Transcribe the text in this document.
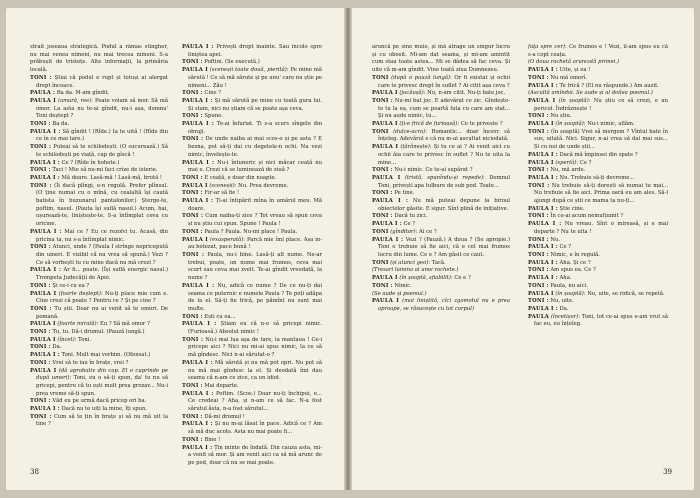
strait joseaua strategică. Podul a rămas stingher, nu mai venea nimeni, nu mai trecea nimeni. S-a prăbușit de tristețe. Alte informații, la primăria locală.

TONI : Știai că podul e rupt și totuși ai alergat drept încoace.

PAULA : Ba da. M-am gîndit.

PAULA I (amară, ree): Poate voiam să mor. Să mă omor. La asta nu te-ai gîndit, nu-i așa, domnu' Toni deștept ?

TONI : Ba da.

PAULA I : Să gîndit ! (Rîde.) Ia te uită ! (Rîde din ce în ce mai tare.)

TONI : Puteai să te schilodești. (O sucurează.) Să te schilodești pe viață, cap de gîscă !

PAULA I : Ce ? (Rîde în hohote.)

TONI : Taci ! Mie să nu-mi faci crize de isterie.

PAULA I : Mă doare. Lasă-mă ! Lasă-mă, brută !

TONI : (Îi dacă plîngi, e-n regulă. Prefer plînsul. (O ține numai cu o mînă, cu cealaltă își caută batista în buzunarul pantalonilor.) Șterge-te, poftim, nasul. (Pauta își suflă nasul.) Acum, hai, ușurează-te, liniștește-te. S-a întîmplat ceva cu oricine.

PAULA I : Mai ce ? Eu ce rezolvi tu. Acasă, din pricina ta, nu s-a întîmplat nimic.

TONI : Atunci, unde ? (Paula I strînge nepricepută din umeri. E vizibil că nu vrea să spună.) Vezi ? Ce să vorbești tu cu mine dacă nu mă crezi ?

PAULA I : Ar fi... poate. (Își suflă energic nasul.) Trompeta Judecății de Apoi.

TONI : Și ce-i cu ea ?

PAULA I (foarte deștept): Nu-ți place mie cum e. Cine crezi că poate ? Pentru ce ? Și pe cine ?

TONI : Tu știi. Doar nu ai venit să te omori. De pomană.

PAULA I (foarte mirată): Eu ? Să mă omor ?

TONI : Tu, tu. Dă-i drumul. (Pauză lungă.)

PAULA I (încet): Toni.

TONI : Da.

PAULA I : Toni. Mult mai vorbim. (Ofensat.)

TONI : Vrei să te iau în brațe, vrei ?

PAULA I (dă aprobativ din cap. El o cuprinde pe după umeri): Toni, eu o să-ți spun, da' tu nu să pricepi, pentru că tu ești mult prea grozav... Nu-i prea vreme să-ți spun.

TONI : Văd eu pe urmă dacă pricep ori ba.

PAULA I : Dacă nu te uiți la mine, îți spun.

TONI : Cum să te țin în brațe și să nu mă uit la tine ?

PAULA I : Privești drept înainte. Sau încolo spre liniștea apei.

TONI : Poftim. (Se execută.)

PAULA I (sceneșii toate două, pierită): Pe mine mă sărută ! Ce să mă sărute și pe unu' care nu știe pe nimeni... Zău !

TONI : Cine ?

PAULA I : Și mă sărută pe mine cu toată gura lui. Și stam, nici nu știam că se poate așa ceva.

TONI : Spune.

PAULA I : Te-ai înfuriat. Ți s-a scurs sîngele din obraji.

TONI : De unde naiba ai mai scos-o și pe asta ? E bezna, pot să-ți dai cu degetele-n ochi. Nu vezi nimic, învelește-te.

PAULA I : Nu-i întuneric și nici măcar ceață nu mai e. Crezi că se luminează de ziuă ?

TONI : E ceață, e doar din noapte.

PAULA I (sceneșii): Nu. Prea devreme.

TONI : Fir-ar să fie !

PAULA I : Ți-ai întipărit mîna în umărul meu. Mă doare.

TONI : Cum naiba-ți zice ? Tot vreau să spun ceva și nu știu cui spun. Spune ! Paula !

TONI : Paula ? Paula. Nu-mi place ! Paula.

PAULA I (exasperată): Parcă mie îmi place. Asa m-au botezat, pace bună !

TONI : Paula, nu-i bine. Lasă-ți alt nume. Ne-ar trebui, poate, un nume mai frumos, ceva mai scurt sau ceva mai zvelt. Te-ai gîndit vreodată, la nume ?

PAULA I : Nu, adică ce nume ? De ce nu-ți dai seama ce puternic e numele Paula ? Te poți adăpa de la el. Să-ți fie frică, pe pămînt nu sunt mai multe.

TONI : Ești cu ea...

PAULA I : Știam eu că n-o să pricepi nimic. (Furioasă.) Absolut nimic !

TONI : Nu-i mai lua așa de tare, la mantaua ! Ce-i pricepe aici ? Nici nu mi-ai spus nimic, la ce să mă gîndesc. Nici n-ai sărutat-o ?

PAULA I : Mă sărută și nu mă pot opri. Nu pot să nu mă mai gîndesc la el. Și deodată îmi dau seama că n-am ce zice, ca un idiot.

TONI : Mai departe.

PAULA I : Poftim. (Scos.) Doar nu-ți închipui, e... Ce credeai ? Aha, și n-am ce să fac. N-a fost sărutul ăsta, n-a fost sărutul...

TONI : Dă-mi drumul !

PAULA I : Și nu m-ai lăsat în pace. Adică ce ? Am să mă duc acolo. Asta nu mai poate fi...

TONI : Bine !

PAULA I : Țin minte de îndată. Din cauza asta, mi-a venit să mor. Și am venit aici ca să mă arunc de pe pod, doar că nu se mai poate.

38

aruncă pe sine muie, și mă atrage un singur lucru și cu obosit. Mi-am dat seama, și mi-am amintit cum stau toate astea... Mi se dădea să fac ceva. Și uite că m-am gîndit. Vine toată ziua Dumnezeu.

TONI (după o pauză lungă): Or fi existat și ochii care te privesc drept în suflet ? Ai citit așa ceva ?

PAULA I (jucăușă): Nu, n-am citit. Nu-ți bate joc.

TONI : Nu-mi bat joc. E adevărat ce zic. Gîndește-te tu la ea, cum se poartă fata cu care am stat... Și nu aude nimic, tu...

PAULA I (ți-e frică de furioasă): Ce te privește ?

TONI (dulce-acra): Romantic... doar încerc să înțeleg. Adevărul e că nu m-ai ascultat niciodată.

PAULA I (țărănește): Și tu ce ai ? Ai venit aici cu ochii ăia care te privesc în suflet ? Nu te uita la mine...

TONI : Nu-i nimic. Ce te-ai supărat ?

PAULA I (tristă, spunîndu-și repede): Domnul Toni, privești apa tulbure de sub pod. Toate...

TONI : Pe tine.

PAULA I : Nu mă puteai depune la biroul obiectelor găsite. E sigur. Sînt plină de inițiative.

TONI : Dacă tu zici.

PAULA I : Ce ?

TONI (gînditor): Ai ce ?

PAULA I : Vezi ? (Pauză.) A doua ? (Se apropie.) Toni o trebuie să fie aici, că e cel mai frumos lucru din lume. Ce e ? Am găsit ce caut.

TONI (și atunci geo): Tacă.

(Tresari lumina ai unei rachete.)

PAULA I (în șoaptă, sfiabilit): Ce e ?

TONI : Nimic.

(Se aude și poemul.)

PAULA I (mai liniștită, cîci zgomotul nu e prea aproape, se răsucește cu tot corpul)

fața spre cer): Ce frumos e ! Vezi, îl-am spus eu că s-a copt ceața.

(O doua rachetă aruncată primei.)

PAULA I : Uite, și ea !

TONI : Nu mă omorî.

PAULA I : Te frică ? (El nu răspunde.) Am auzit.

(Ascultă amîndoi. Se aude și al doilea poemul.)

PAULA I (în șoaptă): Nu știu ce să crezi, e un pericol. Îndrăznește !

TONI : Nu știu.

PAULA I (în șoaptă): Nu-i nimic, aflăm.

TONI : (în șoaptă) Vrei să mergem ? Vîntul bate în sus, uitată. Nici. Sigur, n-ai vrea să dai mai sus... Și cu noi de unde știi...

PAULA I : Dacă mă împinsei din spate ?

PAULA I (spertă): Ce ?

TONI : Nu, mă arde.

PAULA I : Nu. Trebuie să-ți devreme...

TONI : Nu trebuie să-ți dorești să numai tu mai... Nu trebuie să fie aici. Prima oară eu am ales. Să-l ajungi după ce știi ce mama ta nu-ți...

PAULA I : Știe cine.

TONI : În ce-ai acum nemulțumit ?

PAULA I : Nu vreau. Sînt o mireasă, și e mai departe ? Nu te uita !

TONI : Nu.

PAULA I : Ce ?

TONI : Nimic, e în regulă.

PAULA I : Aha. Și ce ?

TONI : Am spus ea. Ce ?

PAULA I : Aha.

TONI : Paula, nu aici.

PAULA I (în șoaptă): Nu, uite, se ridică, se repetă.

TONI : Nu, uite.

PAULA I : Da.

PAULA (încetișor): Toni, tot ce-ai spus e-am vrut să fac eu, eu înțeleg.

39
